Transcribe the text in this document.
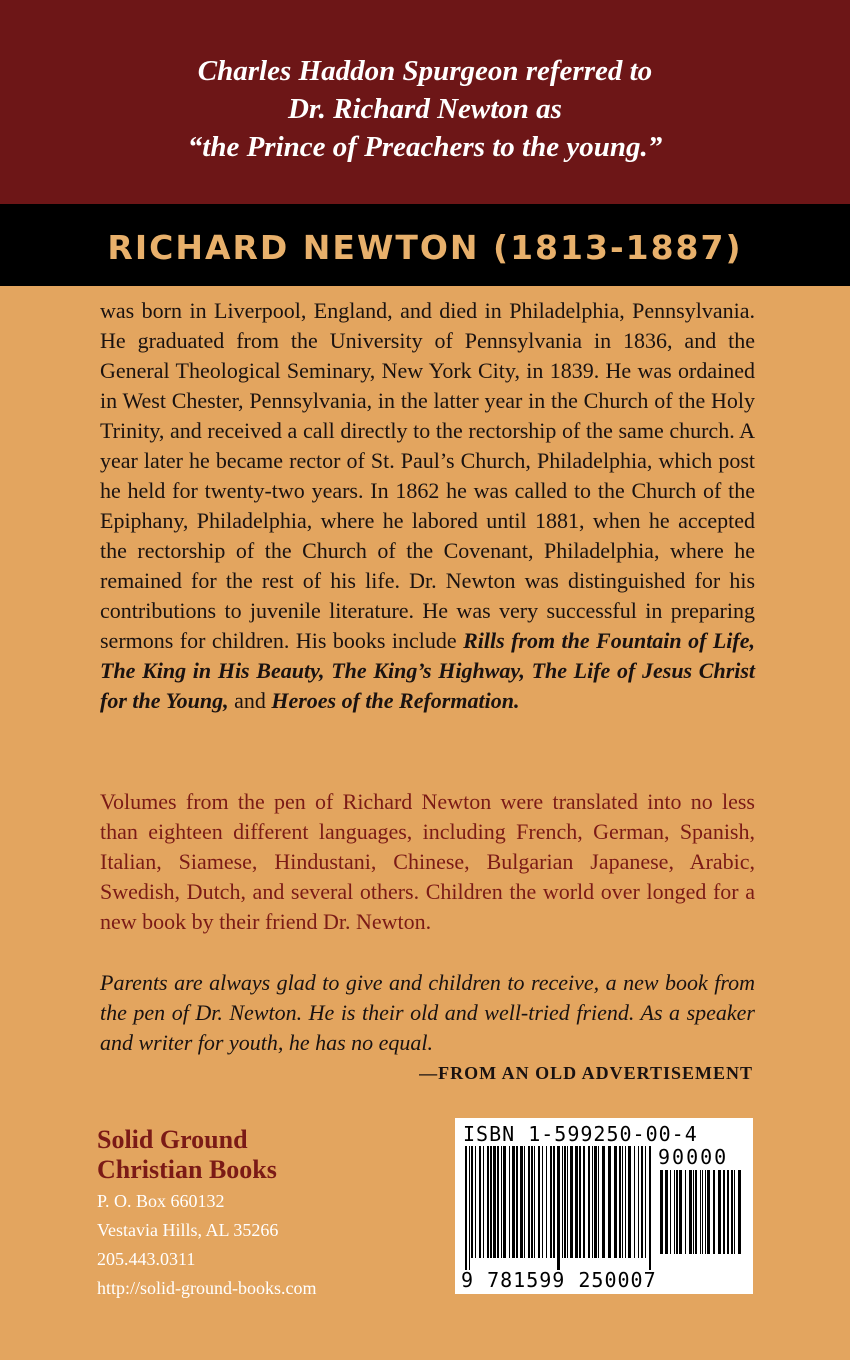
Charles Haddon Spurgeon referred to
Dr. Richard Newton as
“the Prince of Preachers to the young.”
RICHARD NEWTON (1813-1887)
was born in Liverpool, England, and died in Philadelphia, Pennsylvania. He graduated from the University of Pennsylvania in 1836, and the General Theological Seminary, New York City, in 1839. He was ordained in West Chester, Pennsylvania, in the latter year in the Church of the Holy Trinity, and received a call directly to the rectorship of the same church. A year later he became rector of St. Paul’s Church, Philadelphia, which post he held for twenty-two years. In 1862 he was called to the Church of the Epiphany, Philadelphia, where he labored until 1881, when he accepted the rectorship of the Church of the Covenant, Philadelphia, where he remained for the rest of his life. Dr. Newton was distinguished for his contributions to juvenile literature. He was very successful in preparing sermons for children. His books include Rills from the Fountain of Life, The King in His Beauty, The King’s Highway, The Life of Jesus Christ for the Young, and Heroes of the Reformation.
Volumes from the pen of Richard Newton were translated into no less than eighteen different languages, including French, German, Spanish, Italian, Siamese, Hindustani, Chinese, Bulgarian Japanese, Arabic, Swedish, Dutch, and several others. Children the world over longed for a new book by their friend Dr. Newton.
Parents are always glad to give and children to receive, a new book from the pen of Dr. Newton. He is their old and well-tried friend. As a speaker and writer for youth, he has no equal.
—FROM AN OLD ADVERTISEMENT
Solid Ground
Christian Books
P. O. Box 660132
Vestavia Hills, AL 35266
205.443.0311
http://solid-ground-books.com
ISBN 1-599250-00-4
90000
9 781599 250007
